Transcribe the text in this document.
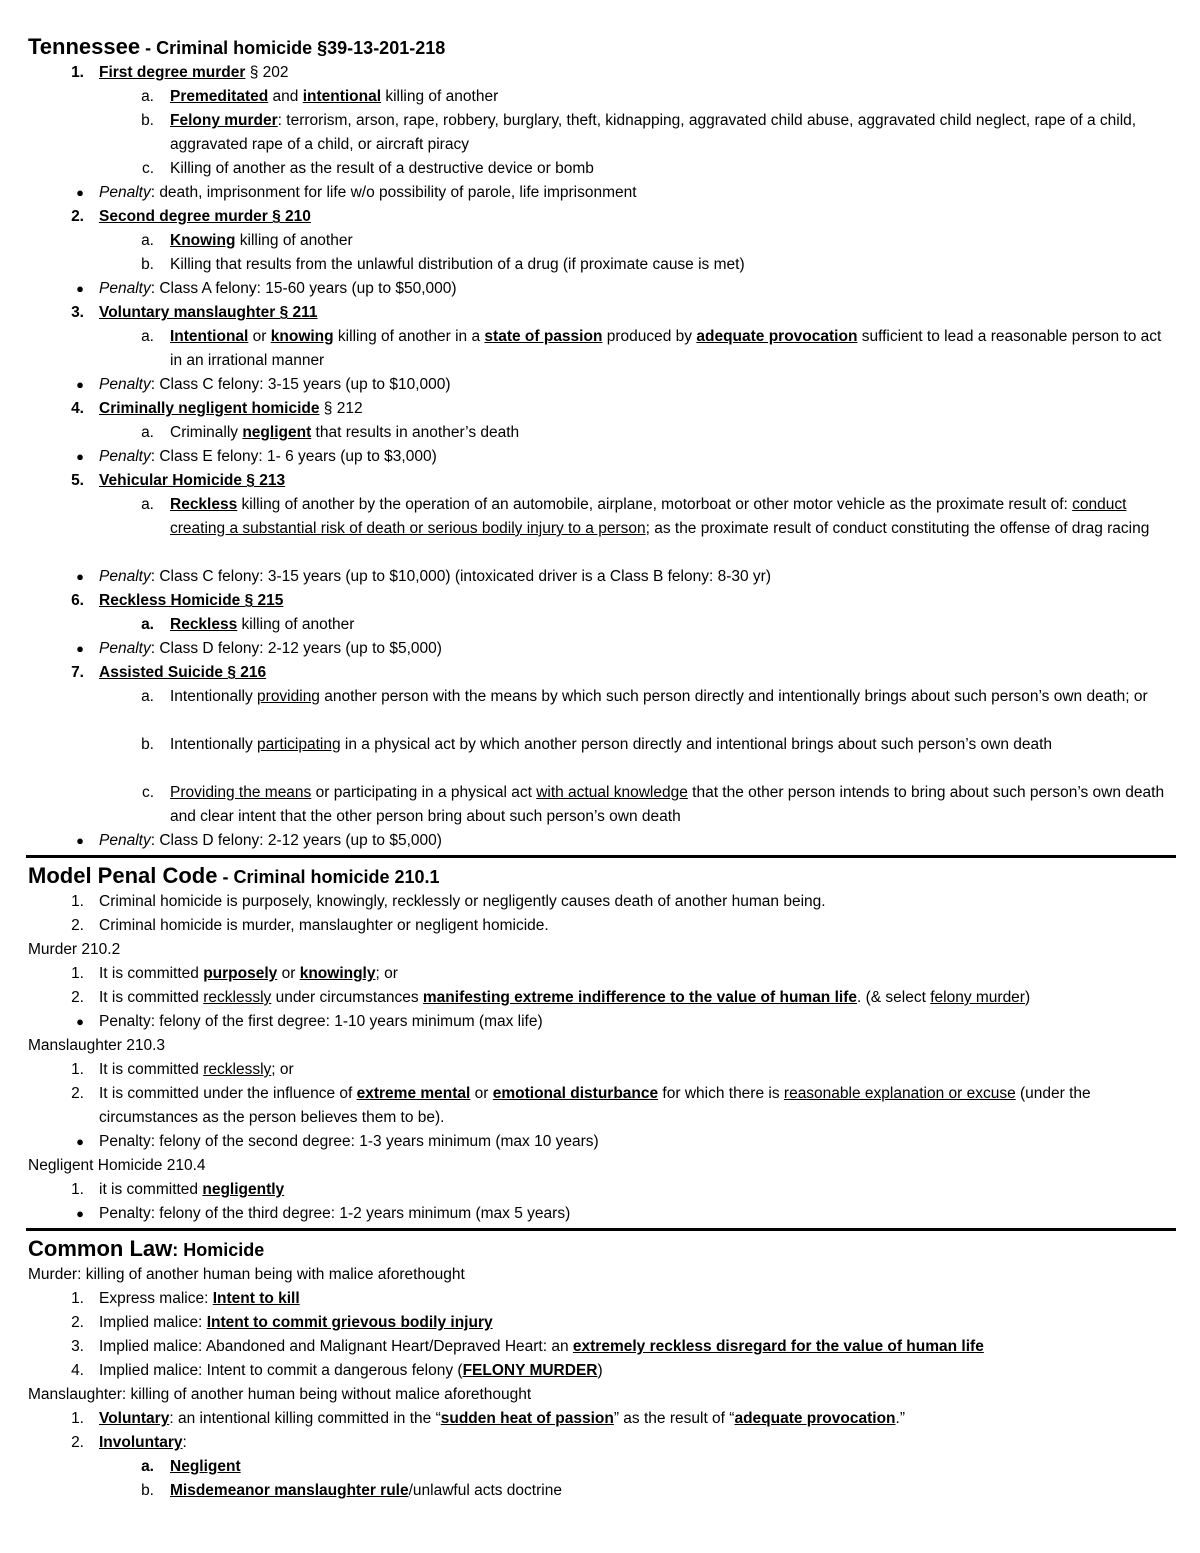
Tennessee - Criminal homicide §39-13-201-218
1. First degree murder § 202
a. Premeditated and intentional killing of another
b. Felony murder: terrorism, arson, rape, robbery, burglary, theft, kidnapping, aggravated child abuse, aggravated child neglect, rape of a child, aggravated rape of a child, or aircraft piracy
c. Killing of another as the result of a destructive device or bomb
● Penalty: death, imprisonment for life w/o possibility of parole, life imprisonment
2. Second degree murder § 210
a. Knowing killing of another
b. Killing that results from the unlawful distribution of a drug (if proximate cause is met)
● Penalty: Class A felony: 15-60 years (up to $50,000)
3. Voluntary manslaughter § 211
a. Intentional or knowing killing of another in a state of passion produced by adequate provocation sufficient to lead a reasonable person to act in an irrational manner
● Penalty: Class C felony: 3-15 years (up to $10,000)
4. Criminally negligent homicide § 212
a. Criminally negligent that results in another’s death
● Penalty: Class E felony: 1- 6 years (up to $3,000)
5. Vehicular Homicide § 213
a. Reckless killing of another by the operation of an automobile, airplane, motorboat or other motor vehicle as the proximate result of: conduct creating a substantial risk of death or serious bodily injury to a person; as the proximate result of conduct constituting the offense of drag racing
● Penalty: Class C felony: 3-15 years (up to $10,000) (intoxicated driver is a Class B felony: 8-30 yr)
6. Reckless Homicide § 215
a. Reckless killing of another
● Penalty: Class D felony: 2-12 years (up to $5,000)
7. Assisted Suicide § 216
a. Intentionally providing another person with the means by which such person directly and intentionally brings about such person’s own death; or
b. Intentionally participating in a physical act by which another person directly and intentional brings about such person’s own death
c. Providing the means or participating in a physical act with actual knowledge that the other person intends to bring about such person’s own death and clear intent that the other person bring about such person’s own death
● Penalty: Class D felony: 2-12 years (up to $5,000)
Model Penal Code - Criminal homicide 210.1
1. Criminal homicide is purposely, knowingly, recklessly or negligently causes death of another human being.
2. Criminal homicide is murder, manslaughter or negligent homicide.
Murder 210.2
1. It is committed purposely or knowingly; or
2. It is committed recklessly under circumstances manifesting extreme indifference to the value of human life. (& select felony murder)
● Penalty: felony of the first degree: 1-10 years minimum (max life)
Manslaughter 210.3
1. It is committed recklessly; or
2. It is committed under the influence of extreme mental or emotional disturbance for which there is reasonable explanation or excuse (under the circumstances as the person believes them to be).
● Penalty: felony of the second degree: 1-3 years minimum (max 10 years)
Negligent Homicide 210.4
1. it is committed negligently
● Penalty: felony of the third degree: 1-2 years minimum (max 5 years)
Common Law: Homicide
Murder: killing of another human being with malice aforethought
1. Express malice: Intent to kill
2. Implied malice: Intent to commit grievous bodily injury
3. Implied malice: Abandoned and Malignant Heart/Depraved Heart: an extremely reckless disregard for the value of human life
4. Implied malice: Intent to commit a dangerous felony (FELONY MURDER)
Manslaughter: killing of another human being without malice aforethought
1. Voluntary: an intentional killing committed in the “sudden heat of passion” as the result of “adequate provocation.”
2. Involuntary:
a. Negligent
b. Misdemeanor manslaughter rule/unlawful acts doctrine
